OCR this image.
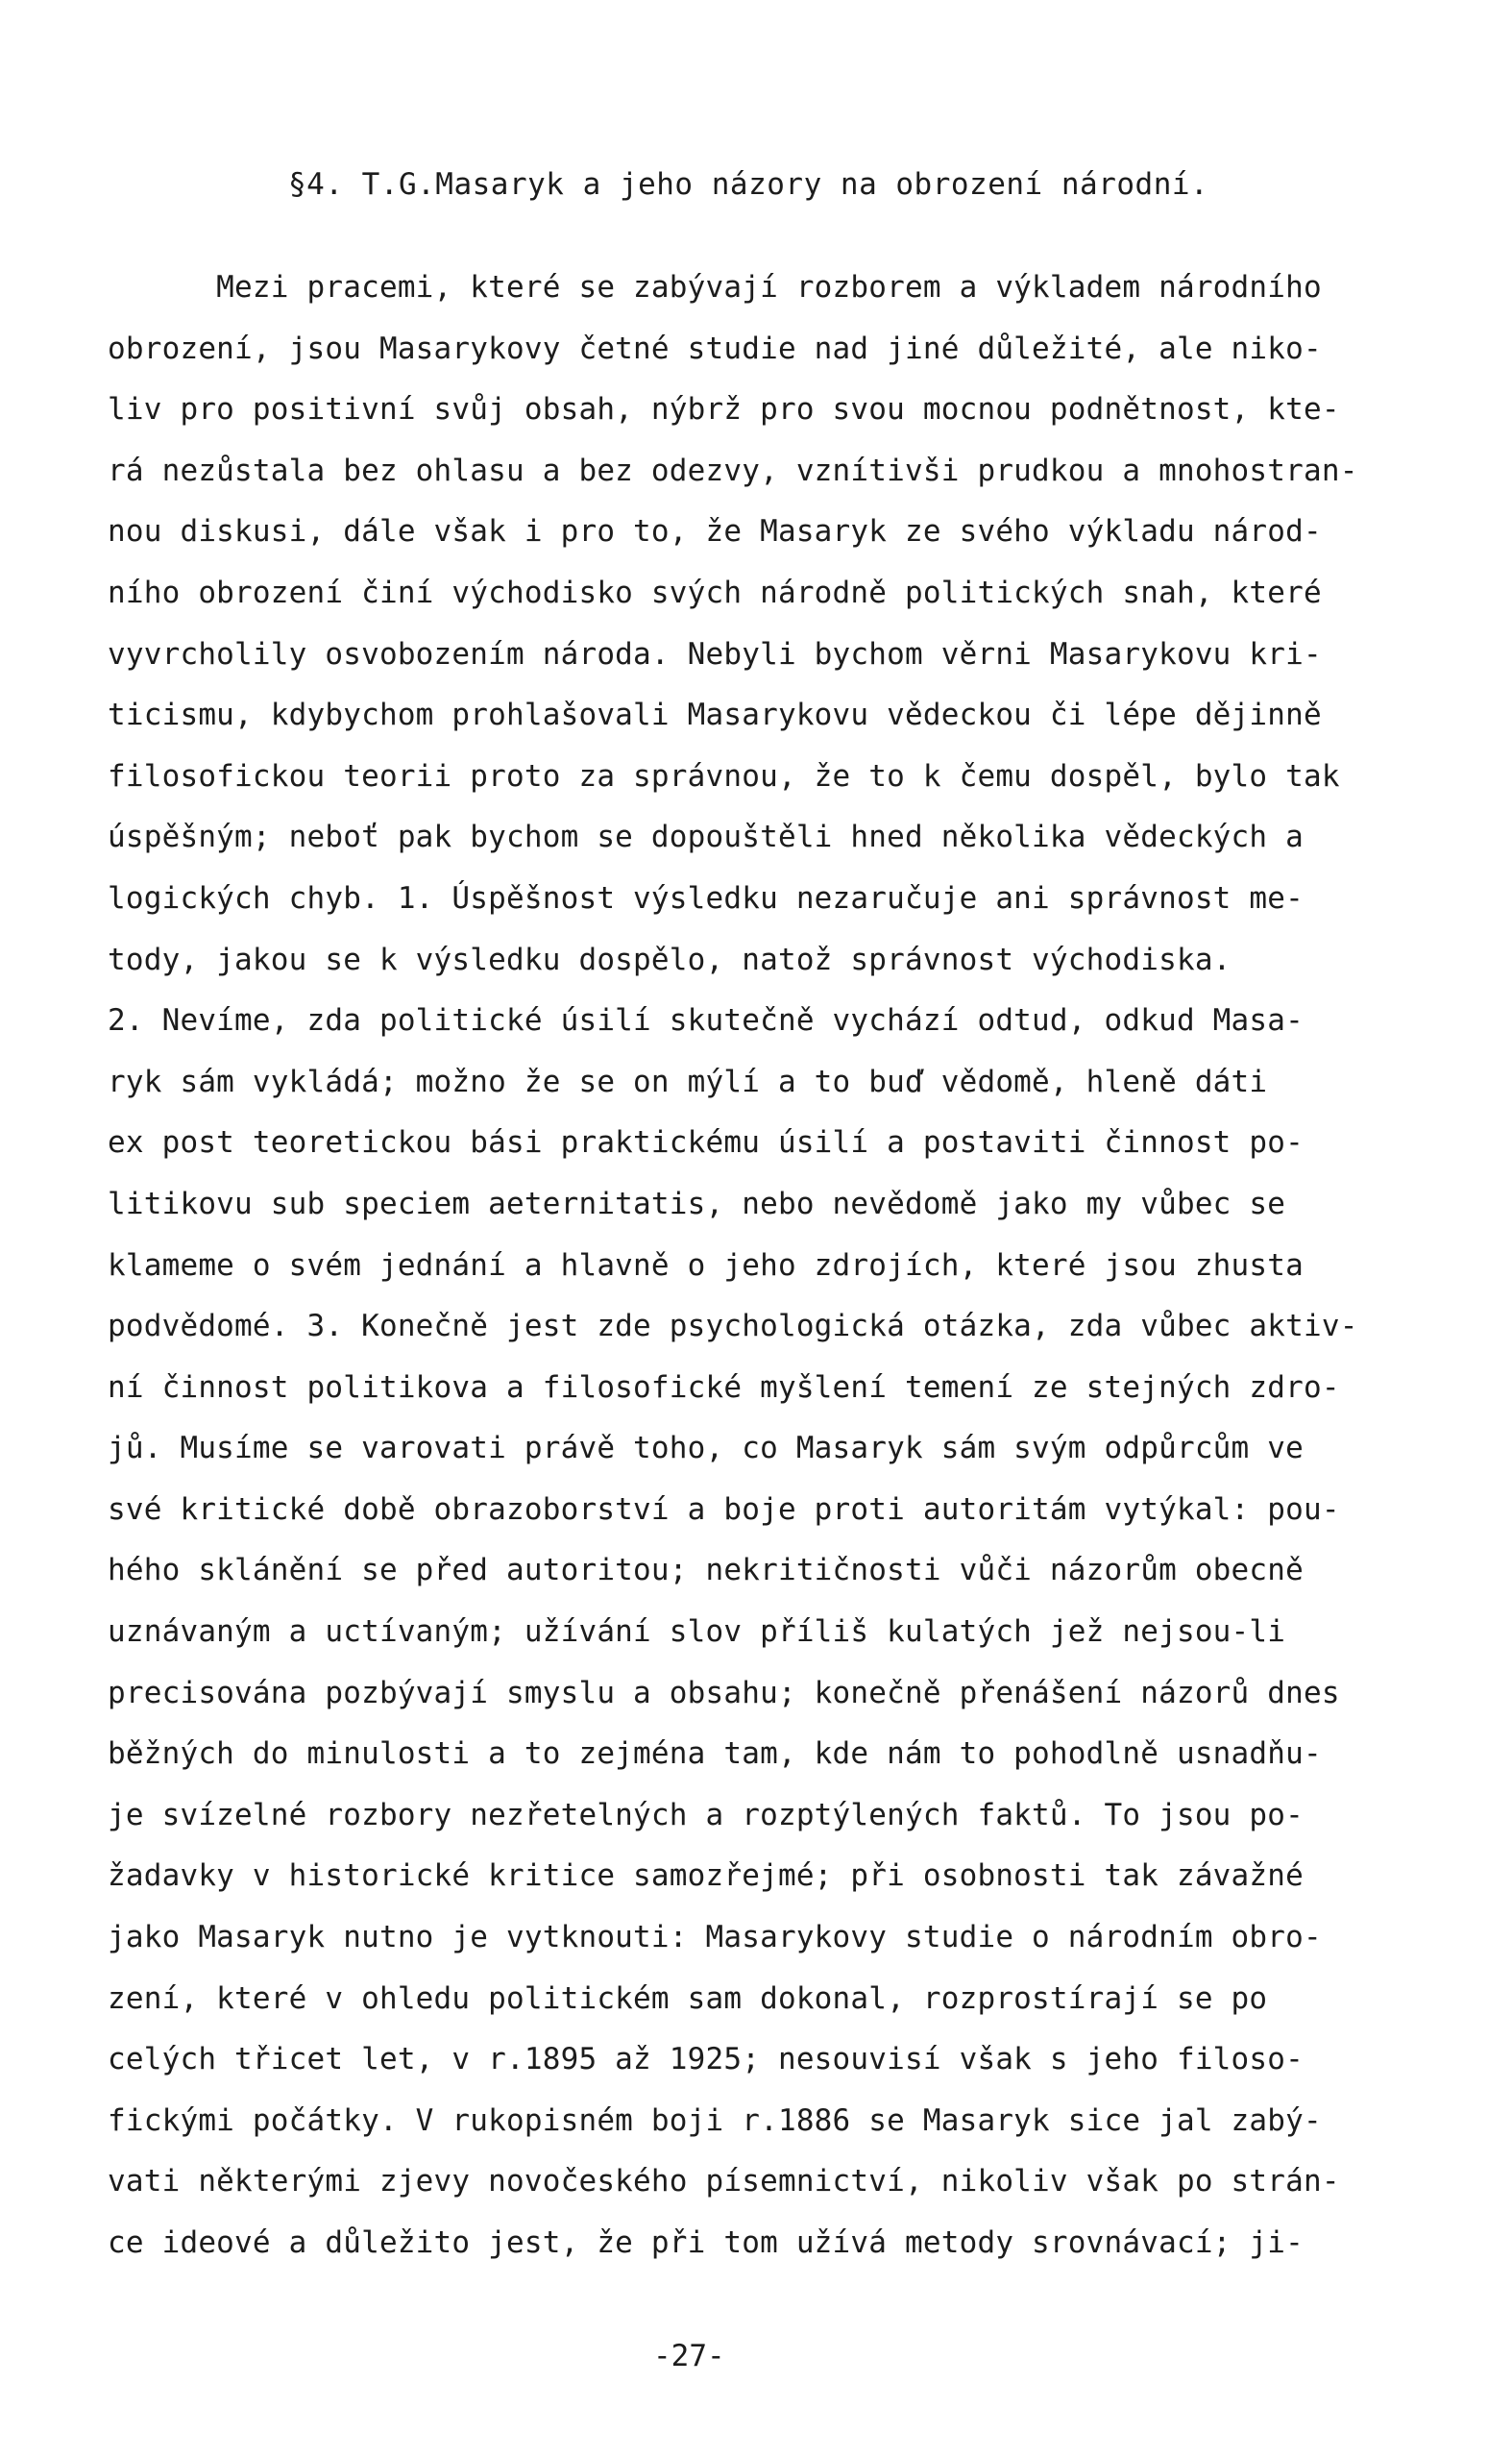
§4. T.G.Masaryk a jeho názory na obrození národní.
Mezi pracemi, které se zabývají rozborem a výkladem národního
obrození, jsou Masarykovy četné studie nad jiné důležité, ale niko-
liv pro positivní svůj obsah, nýbrž pro svou mocnou podnětnost, kte-
rá nezůstala bez ohlasu a bez odezvy, vznítivši prudkou a mnohostran-
nou diskusi, dále však i pro to, že Masaryk ze svého výkladu národ-
ního obrození činí východisko svých národně politických snah, které
vyvrcholily osvobozením národa. Nebyli bychom věrni Masarykovu kri-
ticismu, kdybychom prohlašovali Masarykovu vědeckou či lépe dějinně
filosofickou teorii proto za správnou, že to k čemu dospěl, bylo tak
úspěšným; neboť pak bychom se dopouštěli hned několika vědeckých a
logických chyb. 1. Úspěšnost výsledku nezaručuje ani správnost me-
tody, jakou se k výsledku dospělo, natož správnost východiska.
2. Nevíme, zda politické úsilí skutečně vychází odtud, odkud Masa-
ryk sám vykládá; možno že se on mýlí a to buď vědomě, hleně dáti
ex post teoretickou bási praktickému úsilí a postaviti činnost po-
litikovu sub speciem aeternitatis, nebo nevědomě jako my vůbec se
klameme o svém jednání a hlavně o jeho zdrojích, které jsou zhusta
podvědomé. 3. Konečně jest zde psychologická otázka, zda vůbec aktiv-
ní činnost politikova a filosofické myšlení temení ze stejných zdro-
jů. Musíme se varovati právě toho, co Masaryk sám svým odpůrcům ve
své kritické době obrazoborství a boje proti autoritám vytýkal: pou-
hého sklánění se před autoritou; nekritičnosti vůči názorům obecně
uznávaným a uctívaným; užívání slov příliš kulatých jež nejsou-li
precisována pozbývají smyslu a obsahu; konečně přenášení názorů dnes
běžných do minulosti a to zejména tam, kde nám to pohodlně usnadňu-
je svízelné rozbory nezřetelných a rozptýlených faktů. To jsou po-
žadavky v historické kritice samozřejmé; při osobnosti tak závažné
jako Masaryk nutno je vytknouti: Masarykovy studie o národním obro-
zení, které v ohledu politickém sam dokonal, rozprostírají se po
celých třicet let, v r.1895 až 1925; nesouvisí však s jeho filoso-
fickými počátky. V rukopisném boji r.1886 se Masaryk sice jal zabý-
vati některými zjevy novočeského písemnictví, nikoliv však po strán-
ce ideové a důležito jest, že při tom užívá metody srovnávací; ji-
-27-
